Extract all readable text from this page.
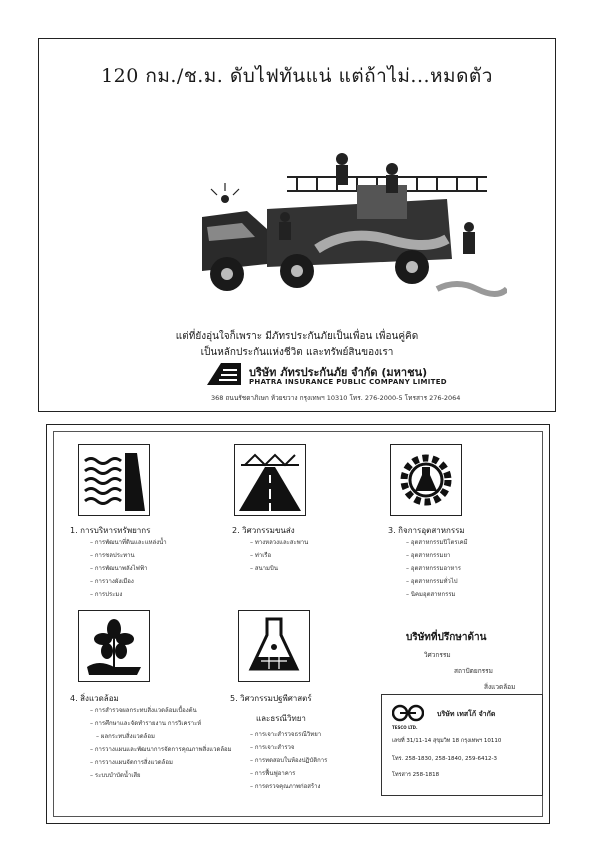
120 กม./ช.ม. ดับไฟทันแน่ แต่ถ้าไม่...หมดตัว
แต่ที่ยังอุ่นใจก็เพราะ มีภัทรประกันภัยเป็นเพื่อน เพื่อนคู่คิด
เป็นหลักประกันแห่งชีวิต และทรัพย์สินของเรา
บริษัท ภัทรประกันภัย จำกัด (มหาชน)
PHATRA INSURANCE PUBLIC COMPANY LIMITED
368 ถนนรัชดาภิเษก ห้วยขวาง กรุงเทพฯ 10310 โทร. 276-2000-5 โทรสาร 276-2064
1. การบริหารทรัพยากร
– การพัฒนาที่ดินและแหล่งน้ำ
– การชลประทาน
– การพัฒนาพลังไฟฟ้า
– การวางผังเมือง
– การประมง
2. วิศวกรรมขนส่ง
– ทางหลวงและสะพาน
– ท่าเรือ
– สนามบิน
3. กิจการอุตสาหกรรม
– อุตสาหกรรมปิโตรเคมี
– อุตสาหกรรมยา
– อุตสาหกรรมอาหาร
– อุตสาหกรรมทั่วไป
– นิคมอุตสาหกรรม
4. สิ่งแวดล้อม
– การสำรวจผลกระทบสิ่งแวดล้อมเบื้องต้น
– การศึกษาและจัดทำรายงาน การวิเคราะห์
– ผลกระทบสิ่งแวดล้อม
– การวางแผนและพัฒนาการจัดการคุณภาพสิ่งแวดล้อม
– การวางแผนจัดการสิ่งแวดล้อม
– ระบบบำบัดน้ำเสีย
5. วิศวกรรมปฐพีศาสตร์
และธรณีวิทยา
– การเจาะสำรวจธรณีวิทยา
– การเจาะสำรวจ
– การทดสอบในห้องปฏิบัติการ
– การฟื้นฟูอาคาร
– การตรวจคุณภาพก่อสร้าง
บริษัทที่ปรึกษาด้าน
วิศวกรรม
สถาปัตยกรรม
สิ่งแวดล้อม
TESCO LTD.
บริษัท เทสโก้ จำกัด
เลขที่ 31/11-14 สุขุมวิท 18 กรุงเทพฯ 10110
โทร. 258-1830, 258-1840, 259-6412-3
โทรสาร 258-1818
